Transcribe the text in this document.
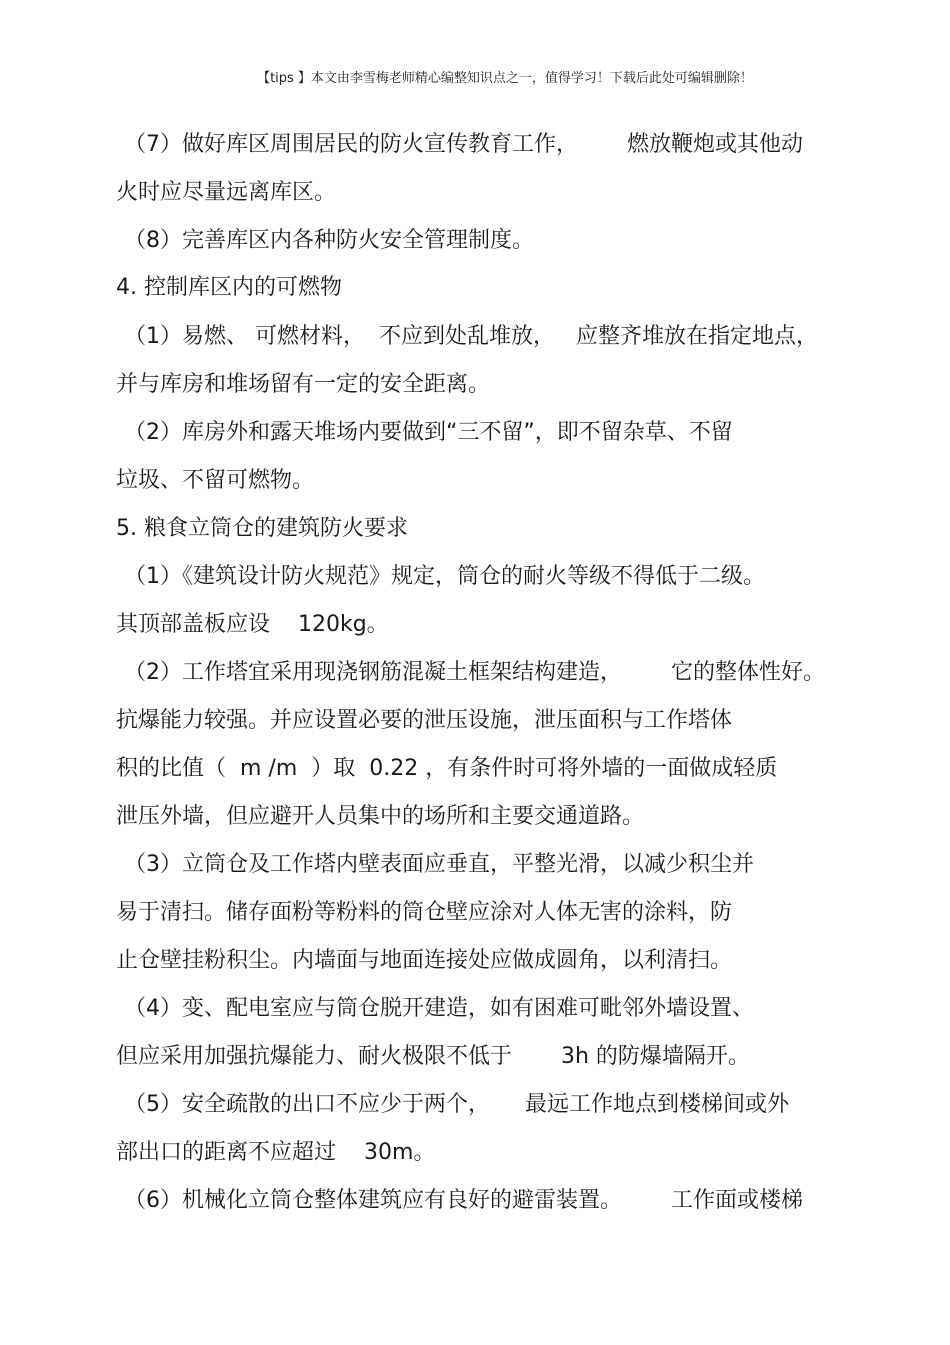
【tips 】本文由李雪梅老师精心编整知识点之一，值得学习！下载后此处可编辑删除！
（7）做好库区周围居民的防火宣传教育工作，       燃放鞭炮或其他动
火时应尽量远离库区。
（8）完善库区内各种防火安全管理制度。
4. 控制库区内的可燃物
（1）易燃、 可燃材料，  不应到处乱堆放，   应整齐堆放在指定地点，
并与库房和堆场留有一定的安全距离。
（2）库房外和露天堆场内要做到“三不留”，即不留杂草、不留
垃圾、不留可燃物。
5. 粮食立筒仓的建筑防火要求
（1）《建筑设计防火规范》规定，筒仓的耐火等级不得低于二级。
其顶部盖板应设    120kg。
（2）工作塔宜采用现浇钢筋混凝土框架结构建造，       它的整体性好。
抗爆能力较强。并应设置必要的泄压设施，泄压面积与工作塔体
积的比值（  m /m  ）取  0.22 ，有条件时可将外墙的一面做成轻质
泄压外墙，但应避开人员集中的场所和主要交通道路。
（3）立筒仓及工作塔内壁表面应垂直，平整光滑，以减少积尘并
易于清扫。储存面粉等粉料的筒仓壁应涂对人体无害的涂料，防
止仓壁挂粉积尘。内墙面与地面连接处应做成圆角，以利清扫。
（4）变、配电室应与筒仓脱开建造，如有困难可毗邻外墙设置、
但应采用加强抗爆能力、耐火极限不低于       3h 的防爆墙隔开。
（5）安全疏散的出口不应少于两个，     最远工作地点到楼梯间或外
部出口的距离不应超过    30m。
（6）机械化立筒仓整体建筑应有良好的避雷装置。       工作面或楼梯
